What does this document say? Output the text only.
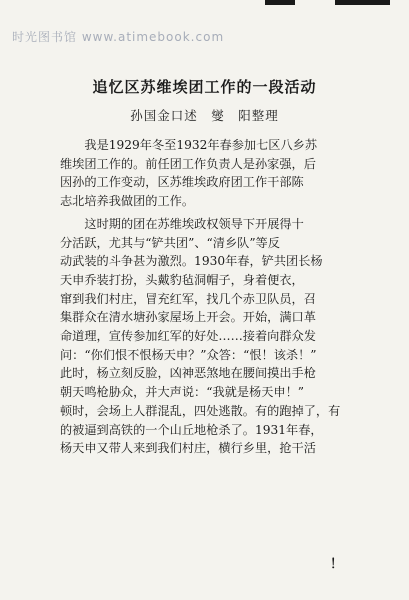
时光图书馆 www.atimebook.com
追忆区苏维埃团工作的一段活动
孙国金口述　燮　阳整理
我是1929年冬至1932年春参加七区八乡苏
维埃团工作的。前任团工作负责人是孙家强，后
因孙的工作变动，区苏维埃政府团工作干部陈
志北培养我做团的工作。
这时期的团在苏维埃政权领导下开展得十
分活跃，尤其与“铲共团”、“清乡队”等反
动武装的斗争甚为激烈。1930年春，铲共团长杨
天申乔装打扮，头戴豹毡洞帽子，身着便衣，
窜到我们村庄，冒充红军，找几个赤卫队员，召
集群众在清水塘孙家屋场上开会。开始，满口革
命道理，宣传参加红军的好处……接着向群众发
问：“你们恨不恨杨天申？”众答：“恨！该杀！”
此时，杨立刻反脸，凶神恶煞地在腰间摸出手枪
朝天鸣枪胁众，并大声说：“我就是杨天申！”
顿时，会场上人群混乱，四处逃散。有的跑掉了，有
的被逼到高铁的一个山丘地枪杀了。1931年春，
杨天申又带人来到我们村庄，横行乡里，抢干活
！
